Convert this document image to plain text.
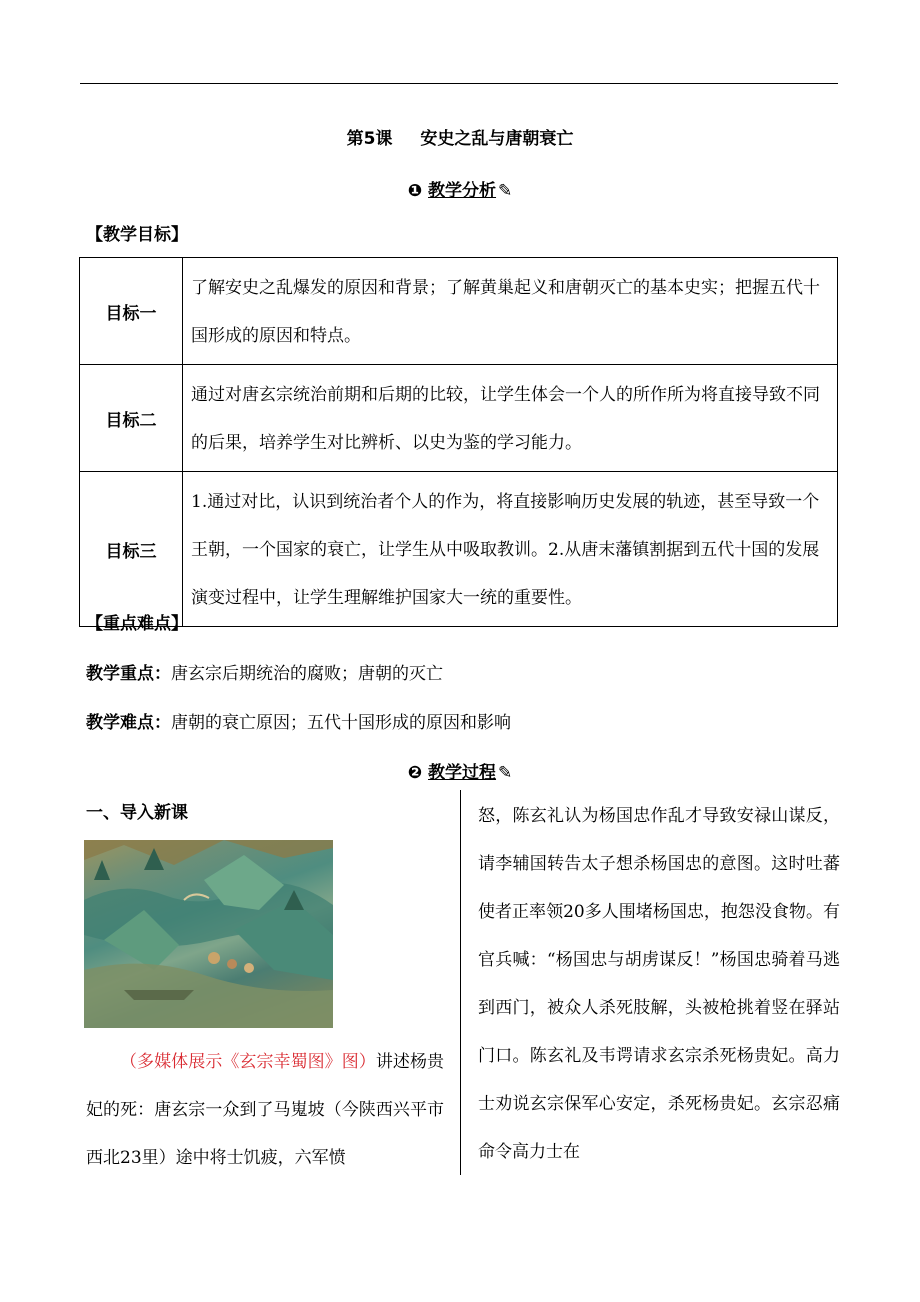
第5课 安史之乱与唐朝衰亡
❶ 教学分析 ✎
【教学目标】
目标一	了解安史之乱爆发的原因和背景；了解黄巢起义和唐朝灭亡的基本史实；把握五代十国形成的原因和特点。
目标二	通过对唐玄宗统治前期和后期的比较，让学生体会一个人的所作所为将直接导致不同的后果，培养学生对比辨析、以史为鉴的学习能力。
目标三	1.通过对比，认识到统治者个人的作为，将直接影响历史发展的轨迹，甚至导致一个王朝，一个国家的衰亡，让学生从中吸取教训。2.从唐末藩镇割据到五代十国的发展演变过程中，让学生理解维护国家大一统的重要性。
【重点难点】
教学重点：唐玄宗后期统治的腐败；唐朝的灭亡
教学难点：唐朝的衰亡原因；五代十国形成的原因和影响
❷ 教学过程 ✎
一、导入新课
（多媒体展示《玄宗幸蜀图》图）讲述杨贵妃的死：唐玄宗一众到了马嵬坡（今陕西兴平市西北23里）途中将士饥疲，六军愤
怒，陈玄礼认为杨国忠作乱才导致安禄山谋反，请李辅国转告太子想杀杨国忠的意图。这时吐蕃使者正率领20多人围堵杨国忠，抱怨没食物。有官兵喊：“杨国忠与胡虏谋反！”杨国忠骑着马逃到西门，被众人杀死肢解，头被枪挑着竖在驿站门口。陈玄礼及韦谔请求玄宗杀死杨贵妃。高力士劝说玄宗保军心安定，杀死杨贵妃。玄宗忍痛命令高力士在
